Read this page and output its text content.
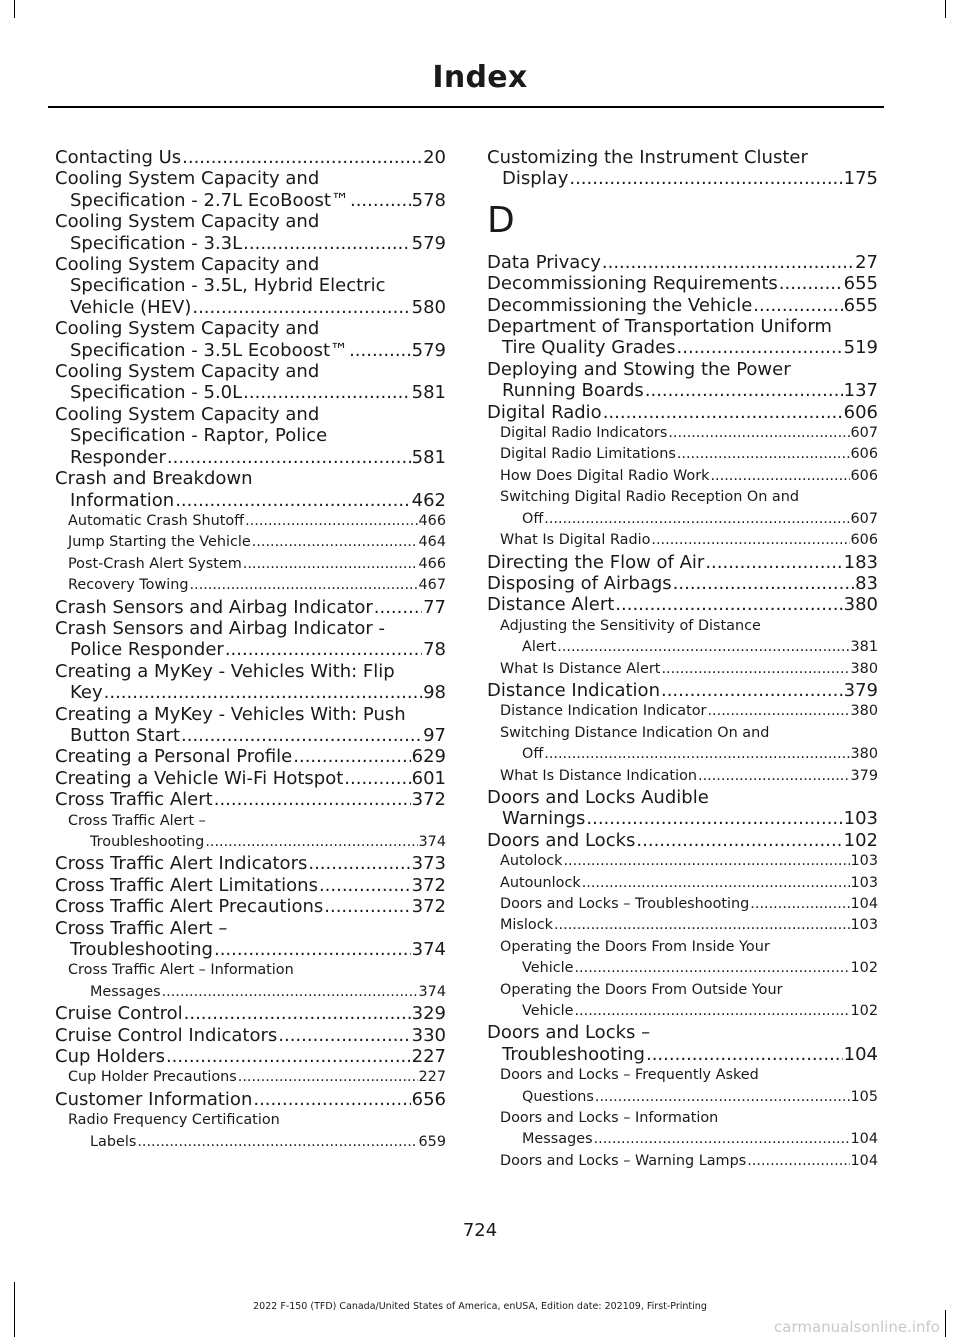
Index
Contacting Us .....	20
Cooling System Capacity and
Specification - 2.7L EcoBoost™ .....	578
Cooling System Capacity and
Specification - 3.3L .....	579
Cooling System Capacity and
Specification - 3.5L, Hybrid Electric
Vehicle (HEV) .....	580
Cooling System Capacity and
Specification - 3.5L Ecoboost™ .....	579
Cooling System Capacity and
Specification - 5.0L .....	581
Cooling System Capacity and
Specification - Raptor, Police
Responder .....	581
Crash and Breakdown
Information .....	462
Automatic Crash Shutoff .....	466
Jump Starting the Vehicle .....	464
Post-Crash Alert System .....	466
Recovery Towing .....	467
Crash Sensors and Airbag Indicator .....	77
Crash Sensors and Airbag Indicator -
Police Responder .....	78
Creating a MyKey - Vehicles With: Flip
Key .....	98
Creating a MyKey - Vehicles With: Push
Button Start .....	97
Creating a Personal Profile .....	629
Creating a Vehicle Wi-Fi Hotspot .....	601
Cross Traffic Alert .....	372
Cross Traffic Alert –
Troubleshooting .....	374
Cross Traffic Alert Indicators .....	373
Cross Traffic Alert Limitations .....	372
Cross Traffic Alert Precautions .....	372
Cross Traffic Alert –
Troubleshooting .....	374
Cross Traffic Alert – Information
Messages .....	374
Cruise Control .....	329
Cruise Control Indicators .....	330
Cup Holders .....	227
Cup Holder Precautions .....	227
Customer Information .....	656
Radio Frequency Certification
Labels .....	659
Customizing the Instrument Cluster
Display .....	175
D
Data Privacy .....	27
Decommissioning Requirements .....	655
Decommissioning the Vehicle .....	655
Department of Transportation Uniform
Tire Quality Grades .....	519
Deploying and Stowing the Power
Running Boards .....	137
Digital Radio .....	606
Digital Radio Indicators .....	607
Digital Radio Limitations .....	606
How Does Digital Radio Work .....	606
Switching Digital Radio Reception On and
Off .....	607
What Is Digital Radio .....	606
Directing the Flow of Air .....	183
Disposing of Airbags .....	83
Distance Alert .....	380
Adjusting the Sensitivity of Distance
Alert .....	381
What Is Distance Alert .....	380
Distance Indication .....	379
Distance Indication Indicator .....	380
Switching Distance Indication On and
Off .....	380
What Is Distance Indication .....	379
Doors and Locks Audible
Warnings .....	103
Doors and Locks .....	102
Autolock .....	103
Autounlock .....	103
Doors and Locks – Troubleshooting .....	104
Mislock .....	103
Operating the Doors From Inside Your
Vehicle .....	102
Operating the Doors From Outside Your
Vehicle .....	102
Doors and Locks –
Troubleshooting .....	104
Doors and Locks – Frequently Asked
Questions .....	105
Doors and Locks – Information
Messages .....	104
Doors and Locks – Warning Lamps .....	104
724
2022 F-150 (TFD) Canada/United States of America, enUSA, Edition date: 202109, First-Printing
carmanualsonline.info
